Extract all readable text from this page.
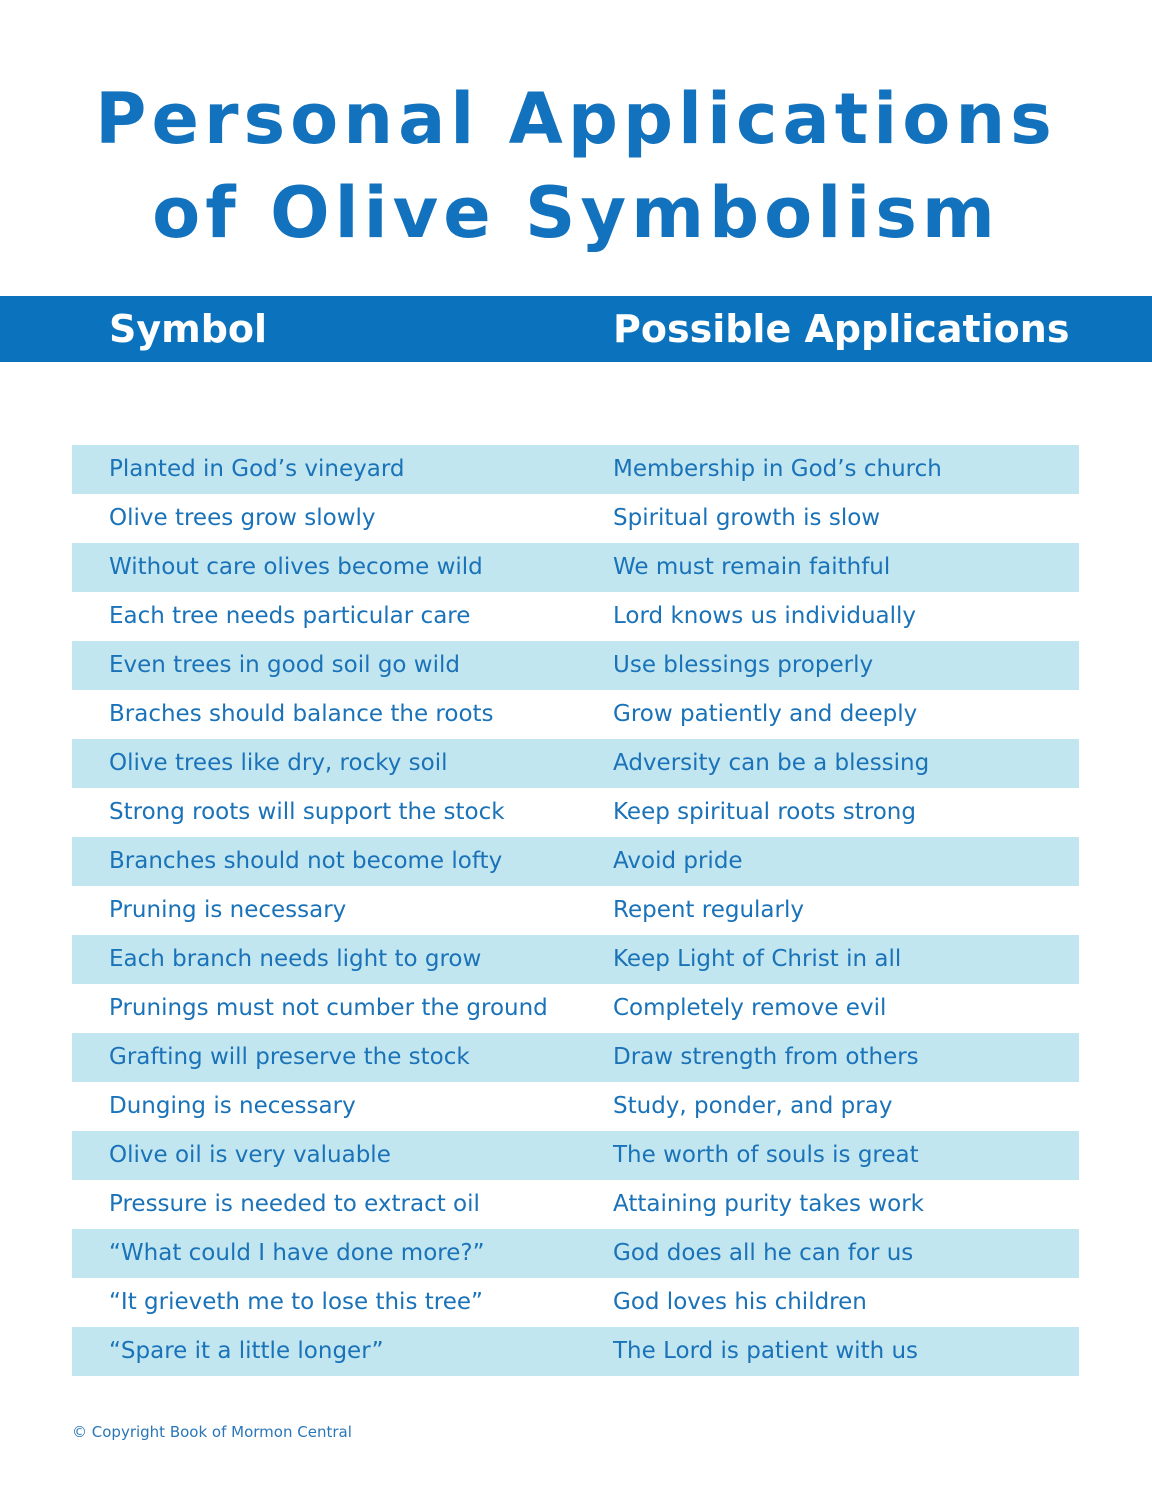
Personal Applications
of Olive Symbolism
Symbol	Possible Applications
Planted in God’s vineyard	Membership in God’s church
Olive trees grow slowly	Spiritual growth is slow
Without care olives become wild	We must remain faithful
Each tree needs particular care	Lord knows us individually
Even trees in good soil go wild	Use blessings properly
Braches should balance the roots	Grow patiently and deeply
Olive trees like dry, rocky soil	Adversity can be a blessing
Strong roots will support the stock	Keep spiritual roots strong
Branches should not become lofty	Avoid pride
Pruning is necessary	Repent regularly
Each branch needs light to grow	Keep Light of Christ in all
Prunings must not cumber the ground	Completely remove evil
Grafting will preserve the stock	Draw strength from others
Dunging is necessary	Study, ponder, and pray
Olive oil is very valuable	The worth of souls is great
Pressure is needed to extract oil	Attaining purity takes work
“What could I have done more?”	God does all he can for us
“It grieveth me to lose this tree”	God loves his children
“Spare it a little longer”	The Lord is patient with us
© Copyright Book of Mormon Central
